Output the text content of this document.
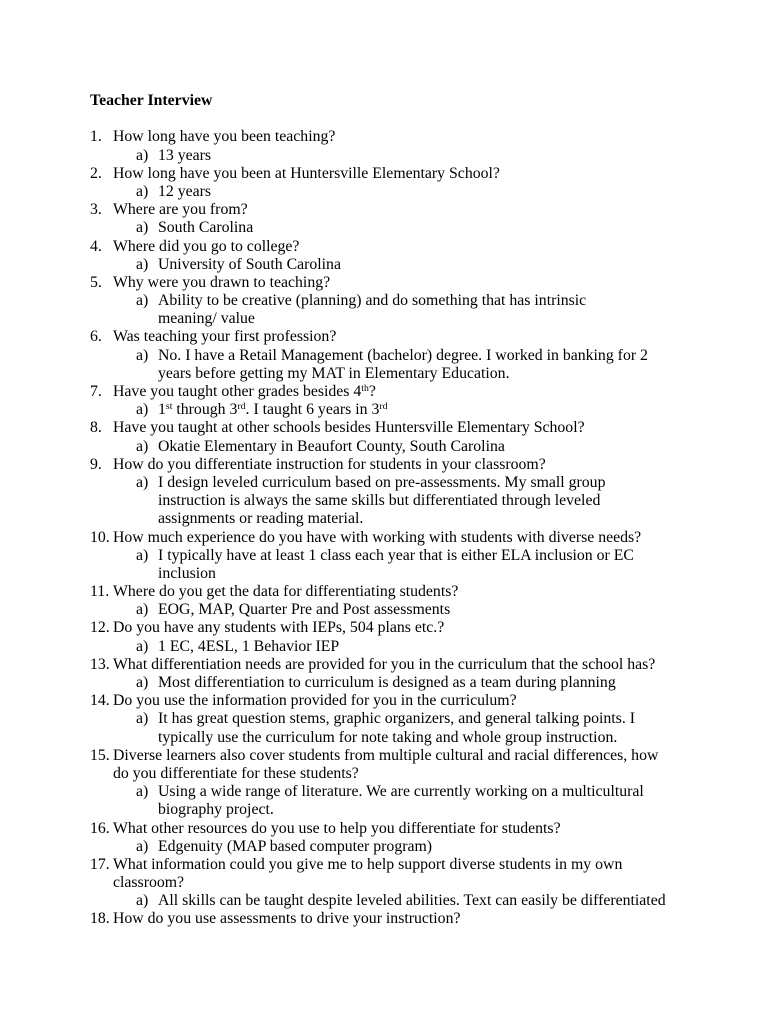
Teacher Interview
1. How long have you been teaching?
a) 13 years
2. How long have you been at Huntersville Elementary School?
a) 12 years
3. Where are you from?
a) South Carolina
4. Where did you go to college?
a) University of South Carolina
5. Why were you drawn to teaching?
a) Ability to be creative (planning) and do something that has intrinsic
meaning/ value
6. Was teaching your first profession?
a) No. I have a Retail Management (bachelor) degree. I worked in banking for 2
years before getting my MAT in Elementary Education.
7. Have you taught other grades besides 4th?
a) 1st through 3rd. I taught 6 years in 3rd
8. Have you taught at other schools besides Huntersville Elementary School?
a) Okatie Elementary in Beaufort County, South Carolina
9. How do you differentiate instruction for students in your classroom?
a) I design leveled curriculum based on pre-assessments. My small group
instruction is always the same skills but differentiated through leveled
assignments or reading material.
10. How much experience do you have with working with students with diverse needs?
a) I typically have at least 1 class each year that is either ELA inclusion or EC
inclusion
11. Where do you get the data for differentiating students?
a) EOG, MAP, Quarter Pre and Post assessments
12. Do you have any students with IEPs, 504 plans etc.?
a) 1 EC, 4ESL, 1 Behavior IEP
13. What differentiation needs are provided for you in the curriculum that the school has?
a) Most differentiation to curriculum is designed as a team during planning
14. Do you use the information provided for you in the curriculum?
a) It has great question stems, graphic organizers, and general talking points. I
typically use the curriculum for note taking and whole group instruction.
15. Diverse learners also cover students from multiple cultural and racial differences, how
do you differentiate for these students?
a) Using a wide range of literature. We are currently working on a multicultural
biography project.
16. What other resources do you use to help you differentiate for students?
a) Edgenuity (MAP based computer program)
17. What information could you give me to help support diverse students in my own
classroom?
a) All skills can be taught despite leveled abilities. Text can easily be differentiated
18. How do you use assessments to drive your instruction?
